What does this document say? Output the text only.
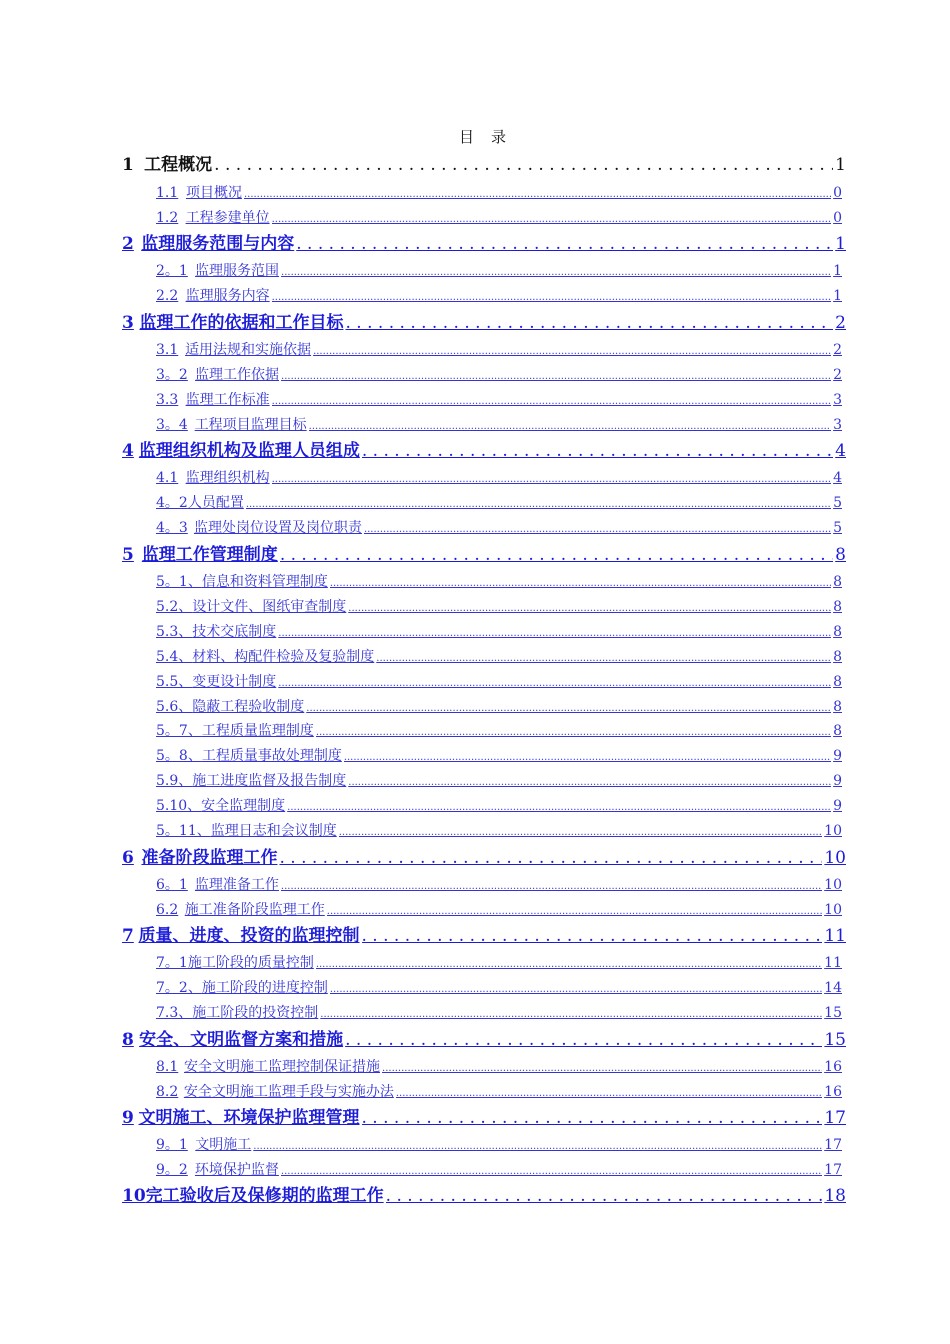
目　录
1 工程概况 . . .	1
1.1 项目概况 .....	0
1.2 工程参建单位 .....	0
2 监理服务范围与内容 . . .	1
2。1 监理服务范围 .....	1
2.2 监理服务内容 .....	1
3 监理工作的依据和工作目标 . . .	2
3.1 适用法规和实施依据 .....	2
3。2 监理工作依据 .....	2
3.3 监理工作标准 .....	3
3。4 工程项目监理目标 .....	3
4 监理组织机构及监理人员组成 . . .	4
4.1 监理组织机构 .....	4
4。2 人员配置 .....	5
4。3 监理处岗位设置及岗位职责 .....	5
5 监理工作管理制度 . . .	8
5。1、 信息和资料管理制度 .....	8
5.2、 设计文件、图纸审查制度 .....	8
5.3、 技术交底制度 .....	8
5.4、 材料、构配件检验及复验制度 .....	8
5.5、 变更设计制度 .....	8
5.6、 隐蔽工程验收制度 .....	8
5。7、 工程质量监理制度 .....	8
5。8、 工程质量事故处理制度 .....	9
5.9、 施工进度监督及报告制度 .....	9
5.10、 安全监理制度 .....	9
5。11、 监理日志和会议制度 .....	10
6 准备阶段监理工作 . . .	10
6。1 监理准备工作 .....	10
6.2 施工准备阶段监理工作 .....	10
7 质量、进度、投资的监理控制 . . .	11
7。1 施工阶段的质量控制 .....	11
7。2、 施工阶段的进度控制 .....	14
7.3、 施工阶段的投资控制 .....	15
8 安全、文明监督方案和措施 . . .	15
8.1 安全文明施工监理控制保证措施 .....	16
8.2 安全文明施工监理手段与实施办法 .....	16
9 文明施工、环境保护监理管理 . . .	17
9。1 文明施工 .....	17
9。2 环境保护监督 .....	17
10 完工验收后及保修期的监理工作 . . .	18
